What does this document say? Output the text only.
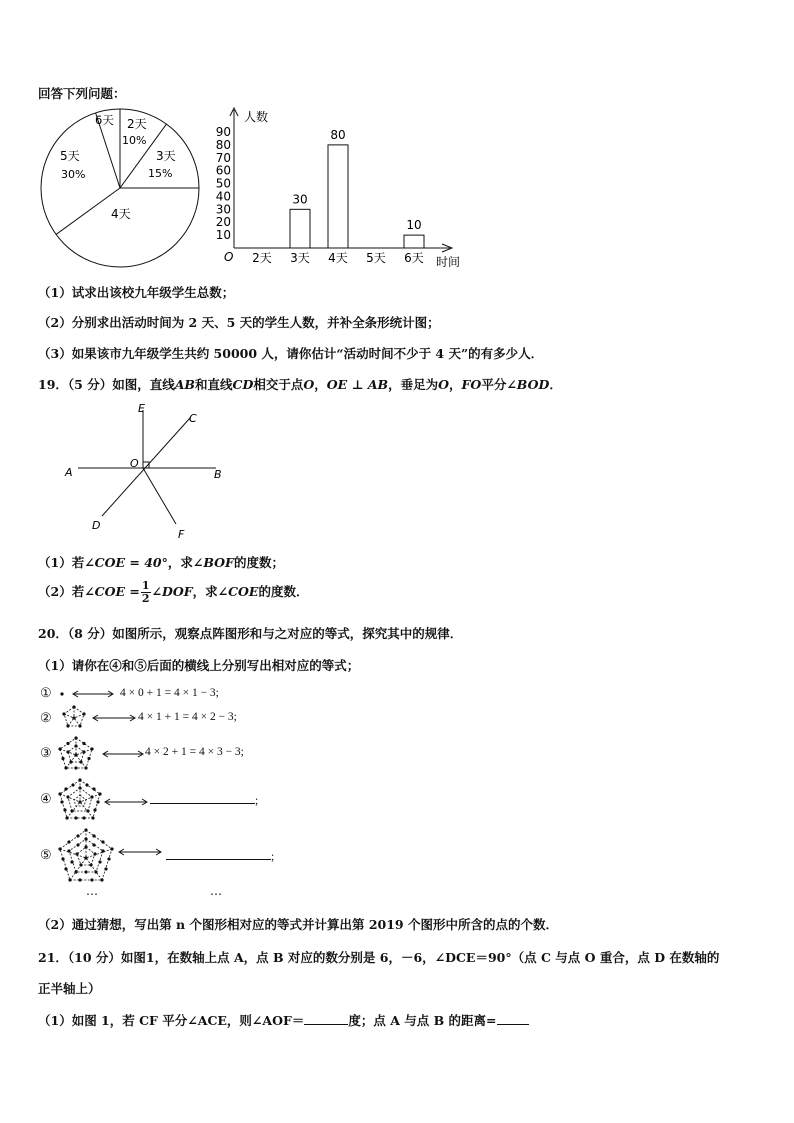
回答下列问题：
2天
10%
3天
15%
4天
5天
30%
6天
10
20
30
40
50
60
70
80
90
30
80
10
2天 3天 4天 5天 6天
人数
时间
O
（1）试求出该校九年级学生总数；
（2）分别求出活动时间为 2 天、5 天的学生人数，并补全条形统计图；
（3）如果该市九年级学生共约 50000 人，请你估计“活动时间不少于 4 天”的有多少人．
19．（5 分）如图，直线AB和直线CD相交于点O，OE ⊥ AB，垂足为O，FO平分∠BOD．
E
C
A
O
B
D
F
（1）若∠COE = 40°，求∠BOF的度数；
（2）若∠COE = $\frac{1}{2}$ ∠DOF，求∠COE的度数．
20．（8 分）如图所示，观察点阵图形和与之对应的等式，探究其中的规律．
（1）请你在④和⑤后面的横线上分别写出相对应的等式；
①	4 × 0 + 1 = 4 × 1 − 3;
②	4 × 1 + 1 = 4 × 2 − 3;
③	4 × 2 + 1 = 4 × 3 − 3;
④	;
⑤	;
…	…
（2）通过猜想，写出第 n 个图形相对应的等式并计算出第 2019 个图形中所含的点的个数．
21．（10 分）如图1，在数轴上点 A，点 B 对应的数分别是 6，－6，∠DCE＝90°（点 C 与点 O 重合，点 D 在数轴的
正半轴上）
（1）如图 1，若 CF 平分∠ACE，则∠AOF＝	度；点 A 与点 B 的距离=
